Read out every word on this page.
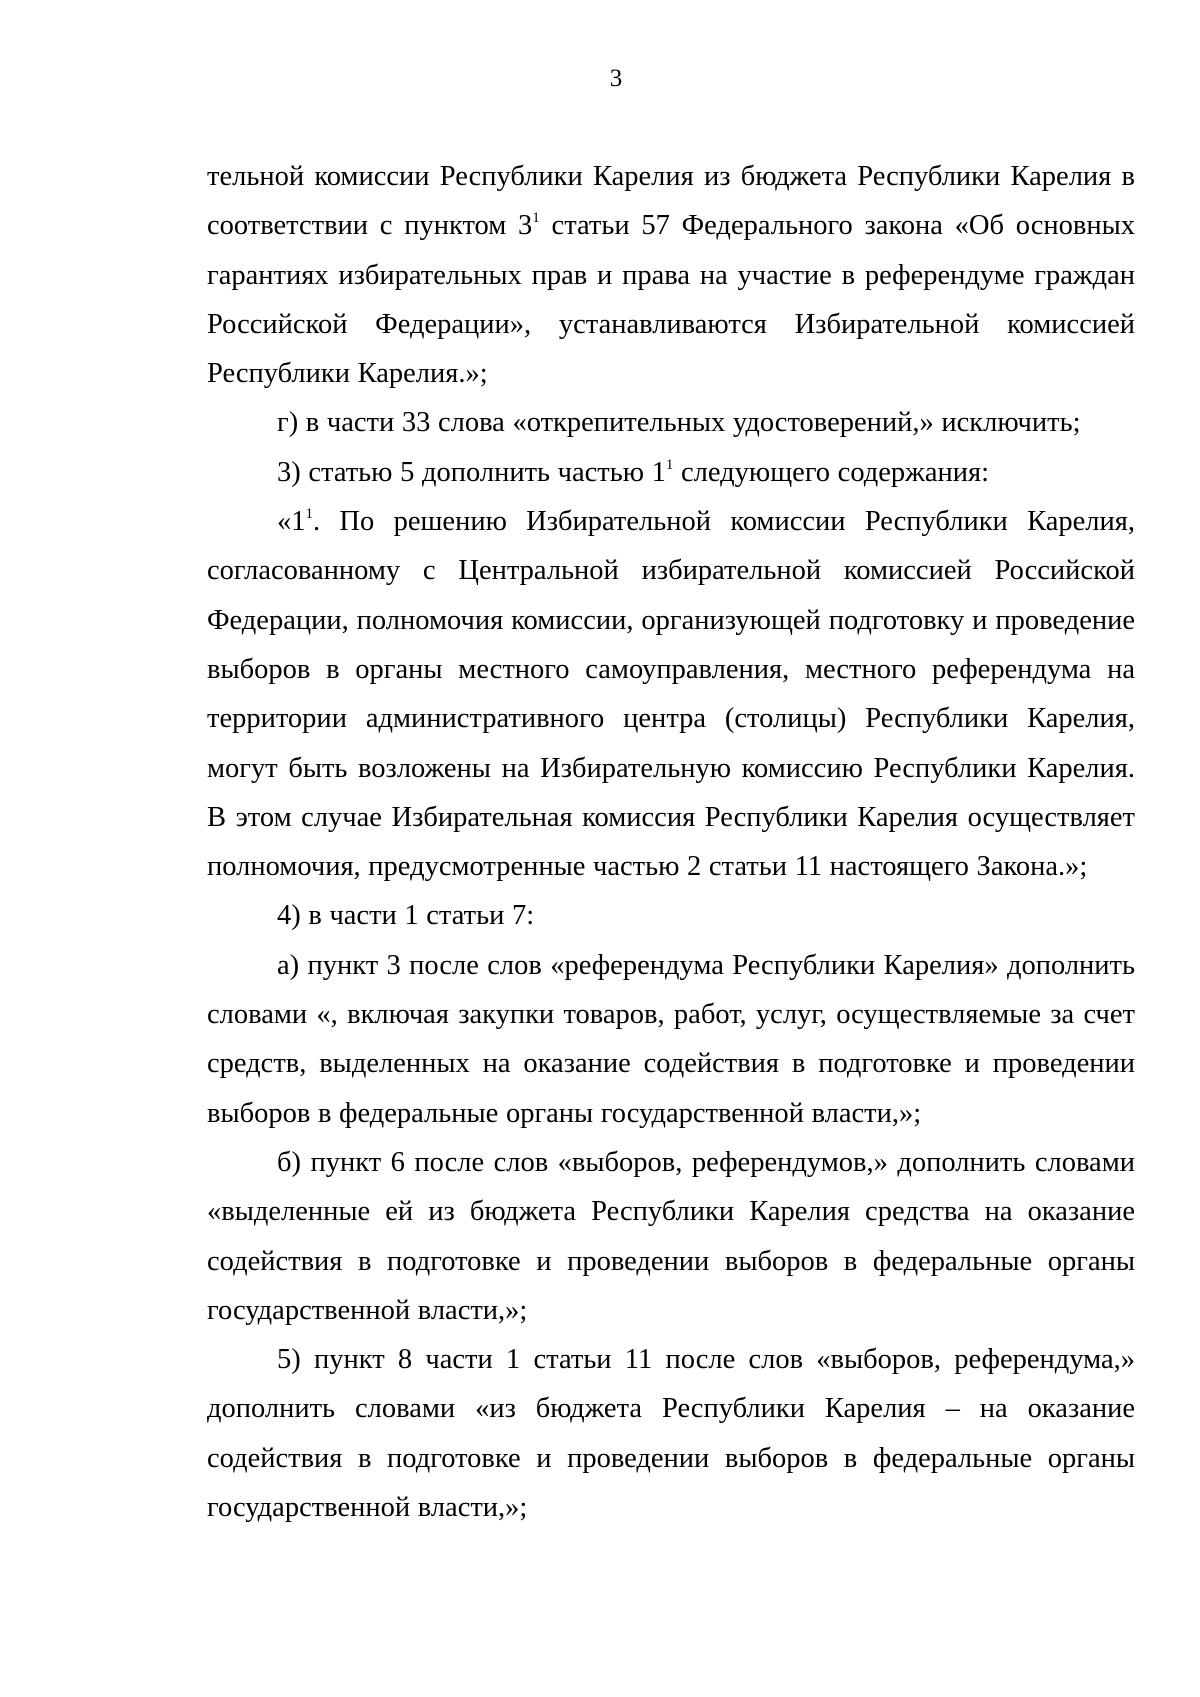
3

тельной комиссии Республики Карелия из бюджета Республики Карелия в соответствии с пунктом $3^1$ статьи 57 Федерального закона «Об основных гарантиях избирательных прав и права на участие в референдуме граждан Российской Федерации», устанавливаются Избирательной комиссией Республики Карелия.»;

г) в части 33 слова «открепительных удостоверений,» исключить;

3) статью 5 дополнить частью $1^1$ следующего содержания:

«$1^1$. По решению Избирательной комиссии Республики Карелия, согласованному с Центральной избирательной комиссией Российской Федерации, полномочия комиссии, организующей подготовку и проведение выборов в органы местного самоуправления, местного референдума на территории административного центра (столицы) Республики Карелия, могут быть возложены на Избирательную комиссию Республики Карелия. В этом случае Избирательная комиссия Республики Карелия осуществляет полномочия, предусмотренные частью 2 статьи 11 настоящего Закона.»;

4) в части 1 статьи 7:

а) пункт 3 после слов «референдума Республики Карелия» дополнить словами «, включая закупки товаров, работ, услуг, осуществляемые за счет средств, выделенных на оказание содействия в подготовке и проведении выборов в федеральные органы государственной власти,»;

б) пункт 6 после слов «выборов, референдумов,» дополнить словами «выделенные ей из бюджета Республики Карелия средства на оказание содействия в подготовке и проведении выборов в федеральные органы государственной власти,»;

5) пункт 8 части 1 статьи 11 после слов «выборов, референдума,» дополнить словами «из бюджета Республики Карелия – на оказание содействия в подготовке и проведении выборов в федеральные органы государственной власти,»;
